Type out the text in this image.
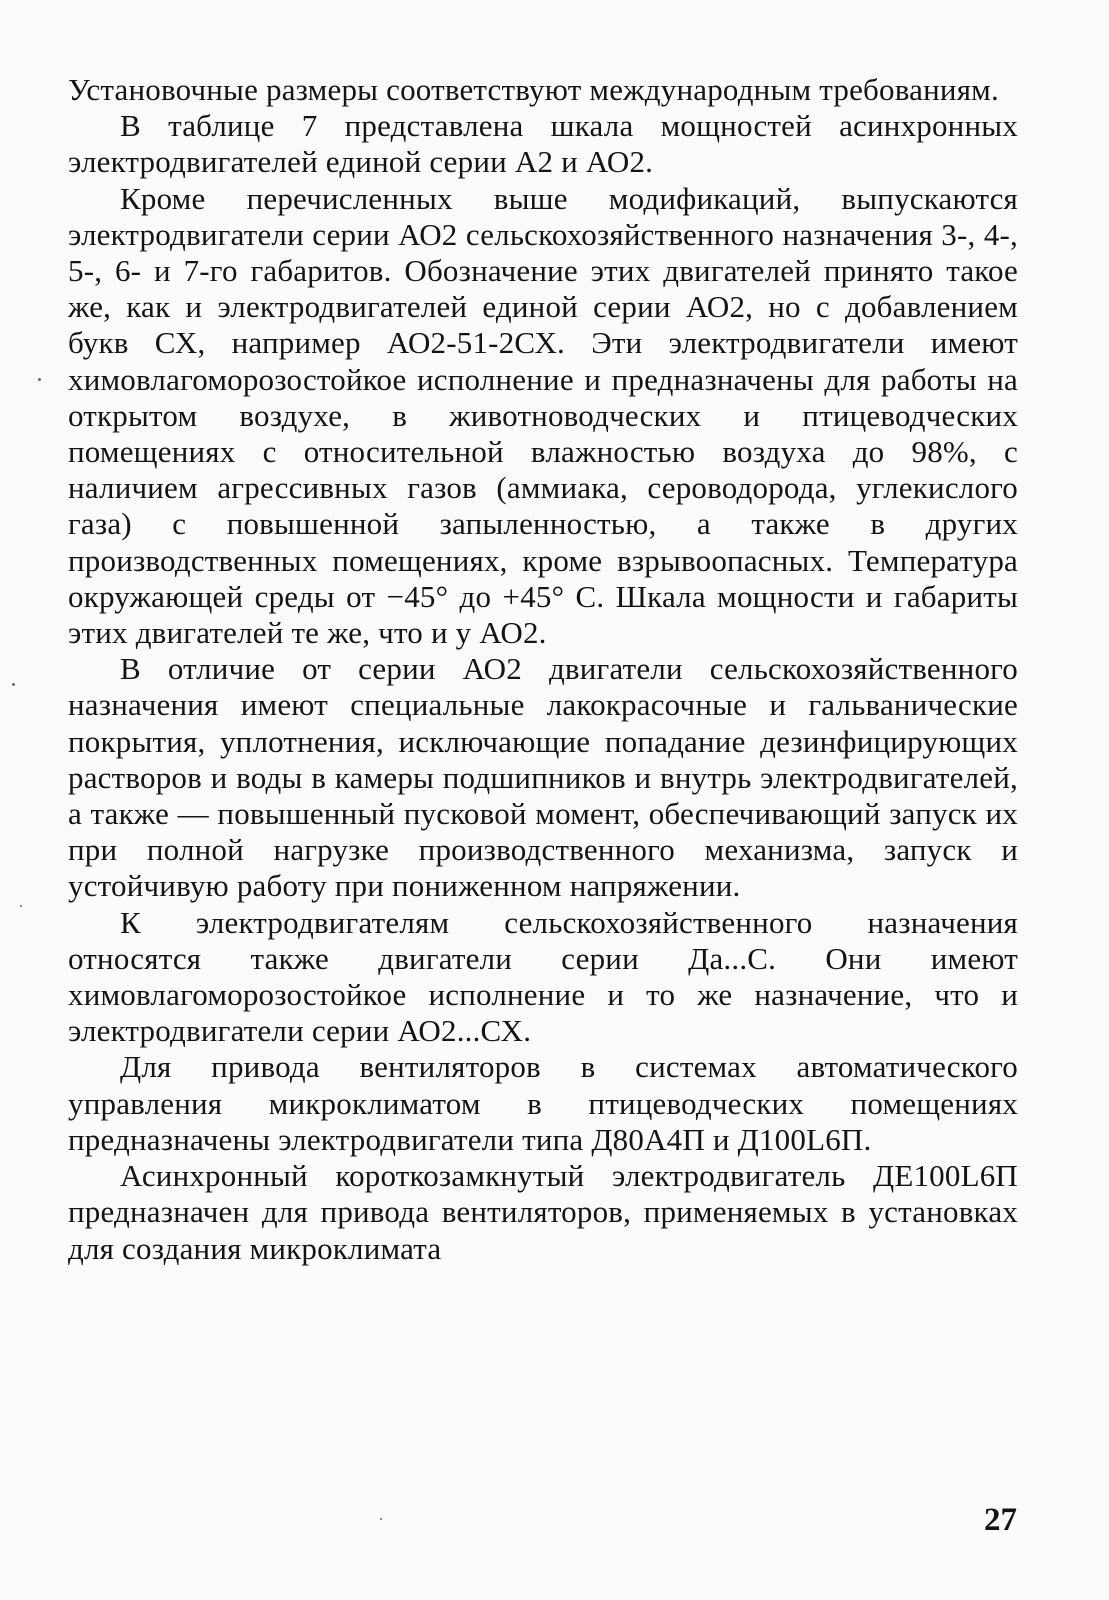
Установочные размеры соответствуют международным требованиям.

В таблице 7 представлена шкала мощностей асинхронных электродвигателей единой серии А2 и АО2.

Кроме перечисленных выше модификаций, выпускаются электродвигатели серии АО2 сельскохозяйственного назначения 3-, 4-, 5-, 6- и 7-го габаритов. Обозначение этих двигателей принято такое же, как и электродвигателей единой серии АО2, но с добавлением букв СХ, например АО2-51-2СХ. Эти электродвигатели имеют химовлагоморозостойкое исполнение и предназначены для работы на открытом воздухе, в животноводческих и птицеводческих помещениях с относительной влажностью воздуха до 98%, с наличием агрессивных газов (аммиака, сероводорода, углекислого газа) с повышенной запыленностью, а также в других производственных помещениях, кроме взрывоопасных. Температура окружающей среды от −45° до +45° С. Шкала мощности и габариты этих двигателей те же, что и у АО2.

В отличие от серии АО2 двигатели сельскохозяйственного назначения имеют специальные лакокрасочные и гальванические покрытия, уплотнения, исключающие попадание дезинфицирующих растворов и воды в камеры подшипников и внутрь электродвигателей, а также — повышенный пусковой момент, обеспечивающий запуск их при полной нагрузке производственного механизма, запуск и устойчивую работу при пониженном напряжении.

К электродвигателям сельскохозяйственного назначения относятся также двигатели серии Да...С. Они имеют химовлагоморозостойкое исполнение и то же назначение, что и электродвигатели серии АО2...СХ.

Для привода вентиляторов в системах автоматического управления микроклиматом в птицеводческих помещениях предназначены электродвигатели типа Д80А4П и Д100L6П.

Асинхронный короткозамкнутый электродвигатель ДЕ100L6П предназначен для привода вентиляторов, применяемых в установках для создания микроклимата

27
